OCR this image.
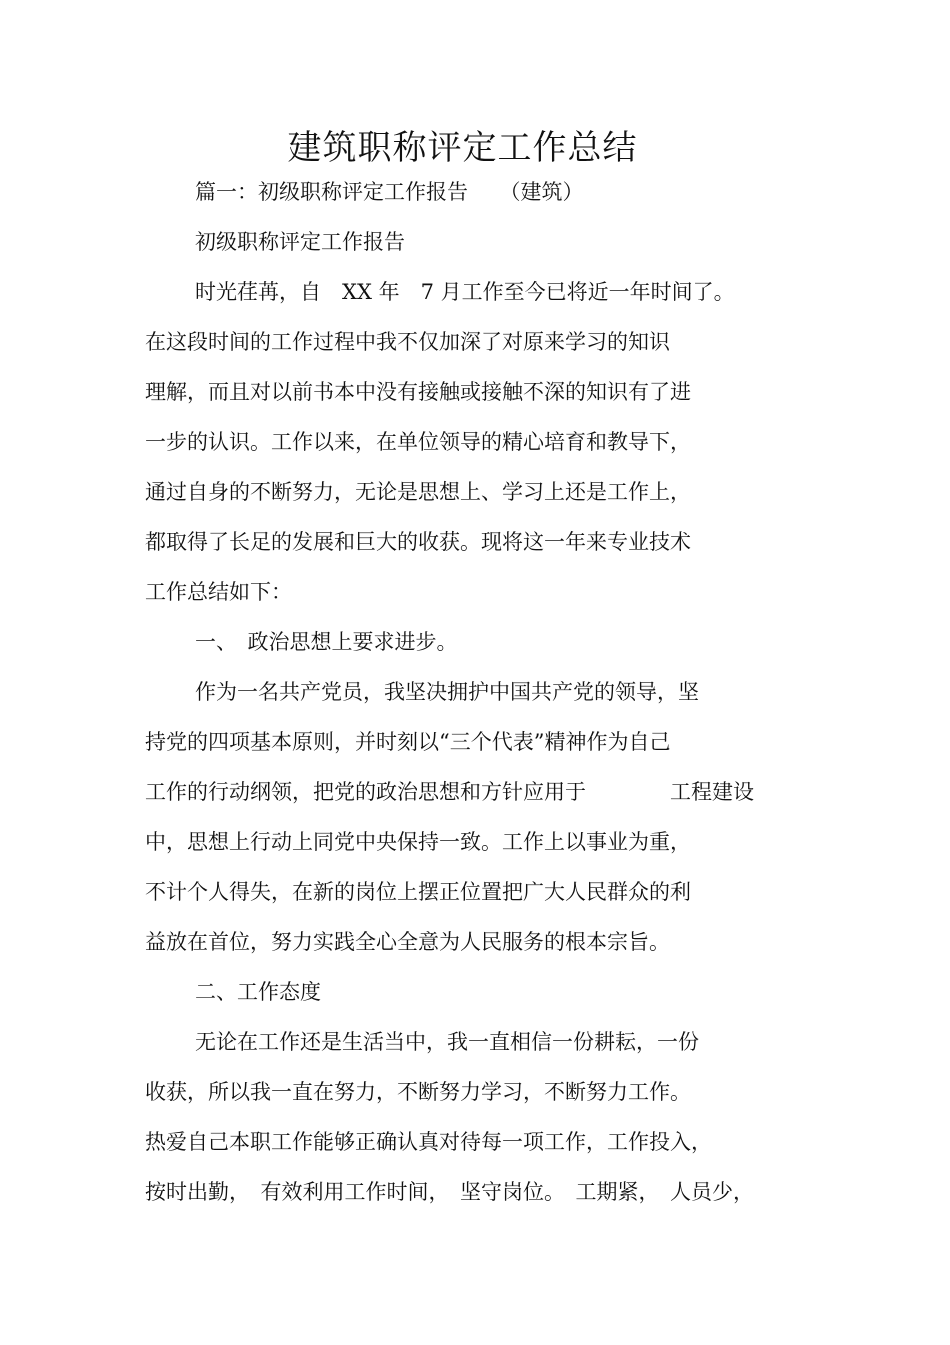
建筑职称评定工作总结

篇一：初级职称评定工作报告　　（建筑）

初级职称评定工作报告

时光荏苒，自　XX 年　7 月工作至今已将近一年时间了。

在这段时间的工作过程中我不仅加深了对原来学习的知识

理解，而且对以前书本中没有接触或接触不深的知识有了进

一步的认识。工作以来，在单位领导的精心培育和教导下，

通过自身的不断努力，无论是思想上、学习上还是工作上，

都取得了长足的发展和巨大的收获。现将这一年来专业技术

工作总结如下：

一、　政治思想上要求进步。

作为一名共产党员，我坚决拥护中国共产党的领导，坚

持党的四项基本原则，并时刻以“三个代表”精神作为自己

工作的行动纲领，把党的政治思想和方针应用于　　　　工程建设

中，思想上行动上同党中央保持一致。工作上以事业为重，

不计个人得失，在新的岗位上摆正位置把广大人民群众的利

益放在首位，努力实践全心全意为人民服务的根本宗旨。

二、工作态度

无论在工作还是生活当中，我一直相信一份耕耘，一份

收获，所以我一直在努力，不断努力学习，不断努力工作。

热爱自己本职工作能够正确认真对待每一项工作，工作投入，

按时出勤，　有效利用工作时间，　坚守岗位。　工期紧，　人员少，
